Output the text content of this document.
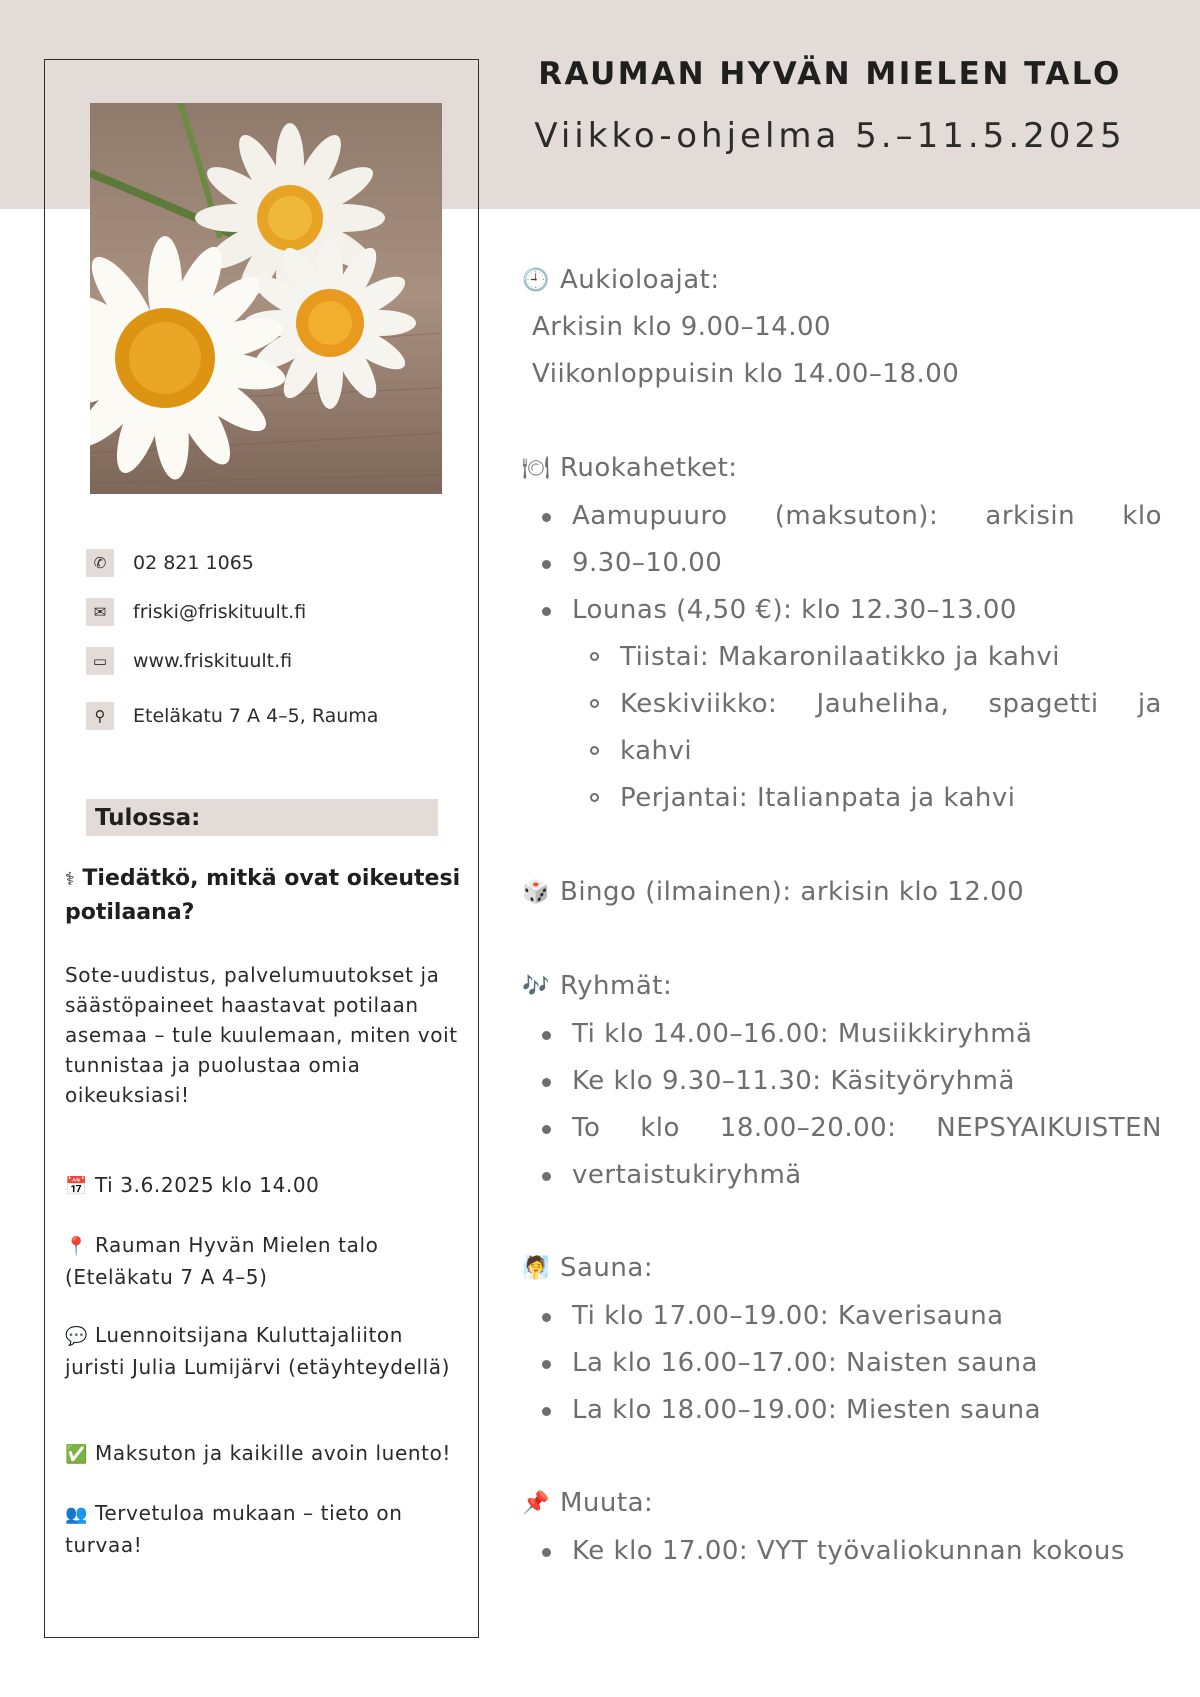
RAUMAN HYVÄN MIELEN TALO
Viikko-ohjelma 5.–11.5.2025
✆	02 821 1065
✉	friski@friskituult.fi
▭	www.friskituult.fi
⚲	Eteläkatu 7 A 4–5, Rauma
Tulossa:
⚕ Tiedätkö, mitkä ovat oikeutesi potilaana?
Sote-uudistus, palvelumuutokset ja säästöpaineet haastavat potilaan asemaa – tule kuulemaan, miten voit tunnistaa ja puolustaa omia oikeuksiasi!
📅 Ti 3.6.2025 klo 14.00
📍 Rauman Hyvän Mielen talo (Eteläkatu 7 A 4–5)
💬 Luennoitsijana Kuluttajaliiton juristi Julia Lumijärvi (etäyhteydellä)
✅ Maksuton ja kaikille avoin luento!
👥 Tervetuloa mukaan – tieto on turvaa!
🕘 Aukioloajat:
Arkisin klo 9.00–14.00
Viikonloppuisin klo 14.00–18.00
🍽 Ruokahetket:
Aamupuuro (maksuton): arkisin klo
9.30–10.00
Lounas (4,50 €): klo 12.30–13.00
Tiistai: Makaronilaatikko ja kahvi
Keskiviikko: Jauheliha, spagetti ja
kahvi
Perjantai: Italianpata ja kahvi
🎲 Bingo (ilmainen): arkisin klo 12.00
🎶 Ryhmät:
Ti klo 14.00–16.00: Musiikkiryhmä
Ke klo 9.30–11.30: Käsityöryhmä
To klo 18.00–20.00: NEPSYAIKUISTEN
vertaistukiryhmä
🧖 Sauna:
Ti klo 17.00–19.00: Kaverisauna
La klo 16.00–17.00: Naisten sauna
La klo 18.00–19.00: Miesten sauna
📌 Muuta:
Ke klo 17.00: VYT työvaliokunnan kokous
